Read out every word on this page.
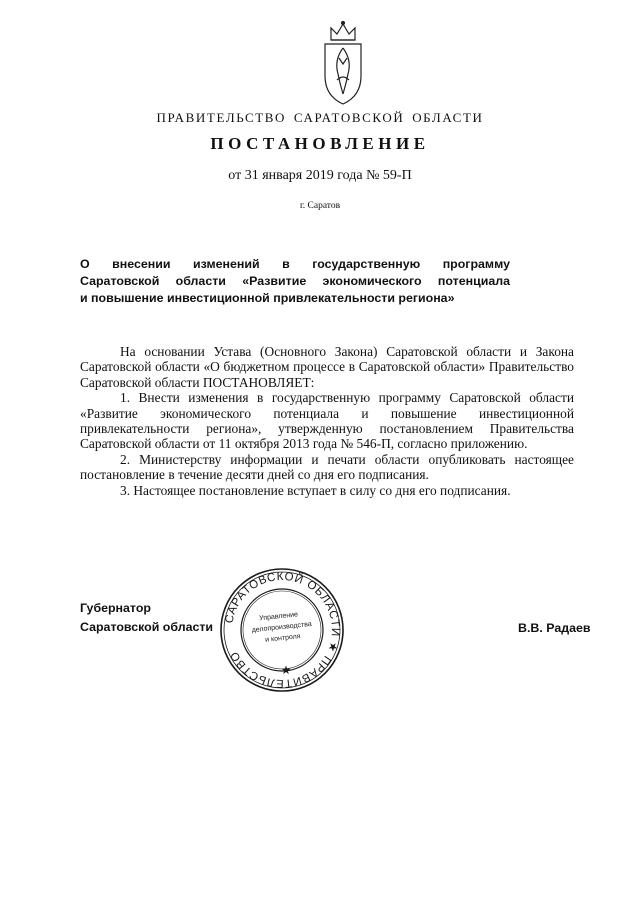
ПРАВИТЕЛЬСТВО САРАТОВСКОЙ ОБЛАСТИ
ПОСТАНОВЛЕНИЕ
от 31 января 2019 года № 59-П
г. Саратов
О внесении изменений в государственную программу
Саратовской области «Развитие экономического потенциала
и повышение инвестиционной привлекательности региона»

На основании Устава (Основного Закона) Саратовской области и Закона Саратовской области «О бюджетном процессе в Саратовской области» Правительство Саратовской области ПОСТАНОВЛЯЕТ:

1. Внести изменения в государственную программу Саратовской области

«Развитие экономического потенциала и повышение инвестиционной
привлекательности региона», утвержденную постановлением Правительства
Саратовской области от 11 октября 2013 года № 546-П, согласно приложению.

2. Министерству информации и печати области опубликовать настоящее постановление в течение десяти дней со дня его подписания.

3. Настоящее постановление вступает в силу со дня его подписания.

Губернатор
Саратовской области
САРАТОВСКОЙ ОБЛАСТИ ★ ПРАВИТЕЛЬСТВО
Управление
делопроизводства
и контроля
★
В.В. Радаев
